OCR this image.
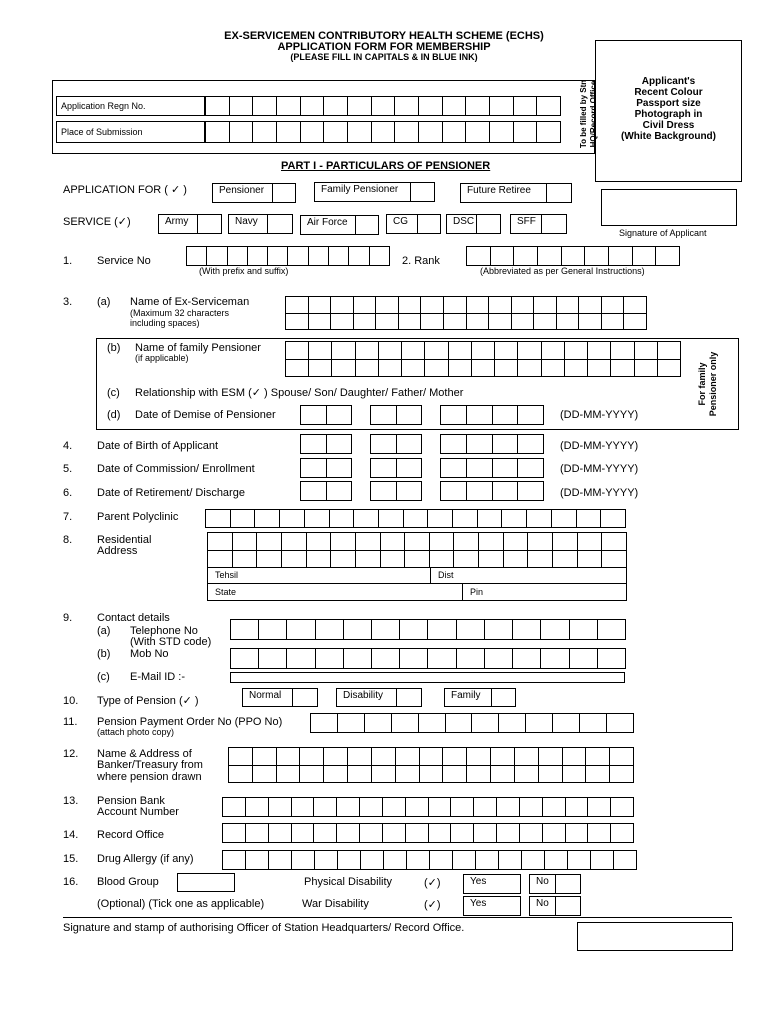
EX-SERVICEMEN CONTRIBUTORY HEALTH SCHEME (ECHS)
APPLICATION FORM FOR MEMBERSHIP
(PLEASE FILL IN CAPITALS & IN BLUE INK)
Application Regn No.
Place of Submission	To be filled by Stn HQ/Record Office	Applicant's
Recent Colour
Passport size
Photograph in
Civil Dress
(White Background)
Signature of Applicant
PART I - PARTICULARS OF PENSIONER
APPLICATION FOR ( ✓ )	Pensioner	Family Pensioner	Future Retiree
SERVICE (✓)	Army	Navy	Air Force	CG	DSC	SFF
1. Service No
(With prefix and suffix)
2. Rank
(Abbreviated as per General Instructions)
3. (a) Name of Ex-Serviceman
(Maximum 32 characters
including spaces)
(b) Name of family Pensioner
(if applicable)
(c) Relationship with ESM (✓ ) Spouse/ Son/ Daughter/ Father/ Mother
(d) Date of Demise of Pensioner	(DD-MM-YYYY)
For family Pensioner only
4. Date of Birth of Applicant	(DD-MM-YYYY)
5. Date of Commission/ Enrollment	(DD-MM-YYYY)
6. Date of Retirement/ Discharge	(DD-MM-YYYY)
7. Parent Polyclinic
8. Residential
Address
Tehsil	Dist
State	Pin
9. Contact details
(a) Telephone No
(With STD code)
(b) Mob No
(c) E-Mail ID :-
10. Type of Pension (✓ )	Normal	Disability	Family
11. Pension Payment Order No (PPO No)
(attach photo copy)
12. Name & Address of
Banker/Treasury from
where pension drawn
13. Pension Bank
Account Number
14. Record Office
15. Drug Allergy (if any)
16. Blood Group
(Optional) (Tick one as applicable)
Physical Disability	(✓)	Yes	No
War Disability	(✓)	Yes	No
Signature and stamp of authorising Officer of Station Headquarters/ Record Office.
